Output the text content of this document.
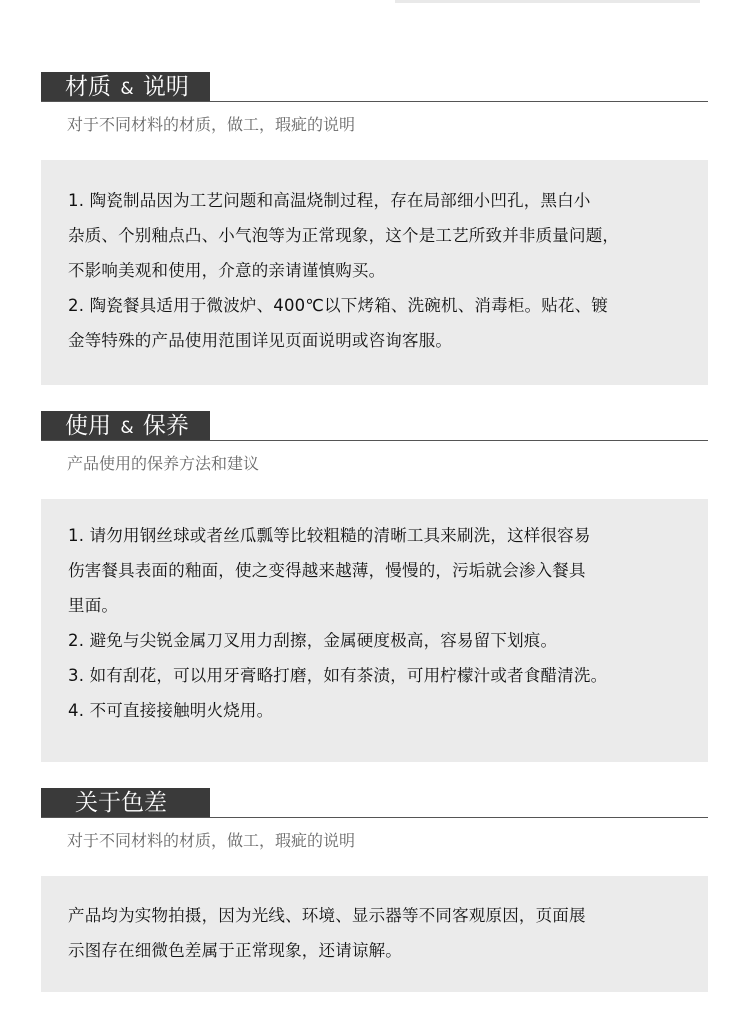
材质 & 说明
对于不同材料的材质，做工，瑕疵的说明

1. 陶瓷制品因为工艺问题和高温烧制过程，存在局部细小凹孔，黑白小

杂质、个别釉点凸、小气泡等为正常现象，这个是工艺所致并非质量问题，

不影响美观和使用，介意的亲请谨慎购买。

2. 陶瓷餐具适用于微波炉、400℃以下烤箱、洗碗机、消毒柜。贴花、镀

金等特殊的产品使用范围详见页面说明或咨询客服。

使用 & 保养
产品使用的保养方法和建议

1. 请勿用钢丝球或者丝瓜瓢等比较粗糙的清晰工具来刷洗，这样很容易

伤害餐具表面的釉面，使之变得越来越薄，慢慢的，污垢就会渗入餐具

里面。

2. 避免与尖锐金属刀叉用力刮擦，金属硬度极高，容易留下划痕。

3. 如有刮花，可以用牙膏略打磨，如有茶渍，可用柠檬汁或者食醋清洗。

4. 不可直接接触明火烧用。

关于色差
对于不同材料的材质，做工，瑕疵的说明

产品均为实物拍摄，因为光线、环境、显示器等不同客观原因，页面展

示图存在细微色差属于正常现象，还请谅解。
